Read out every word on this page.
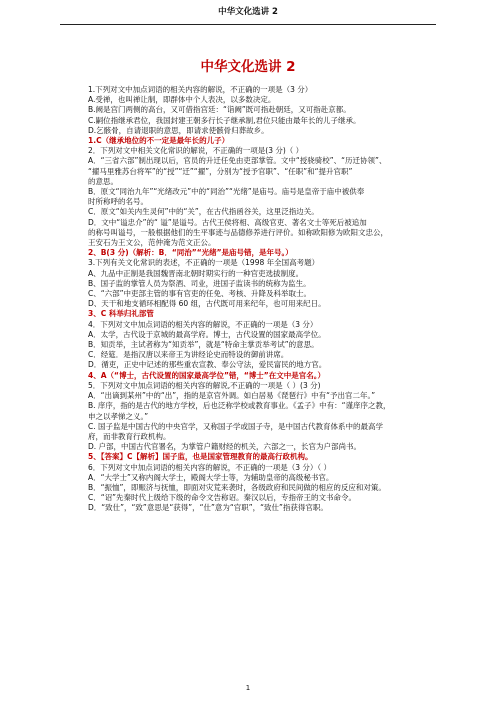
中华文化选讲 2
中华文化选讲 2

1.下列对文中加点词语的相关内容的解说，不正确的一项是（3 分）

A.受禅，也叫禅让制，即群体中个人表决，以多数决定。

B.阙是宫门两侧的高台，又可借指宫廷：“诣阙”既可指赴朝廷，又可指赴京都。

C.嗣位指继承君位，我国封建王朝多行长子继承制,君位只能由最年长的儿子继承。

D.乞骸骨，自请退职的意思，即请求使骸骨归葬故乡。

1.C（继承地位的不一定是最年长的儿子）

2．下列对文中相关文化常识的解说，不正确的一项是(3 分)（ ）

A．“三省六部”制出现以后，官员的升迁任免由吏部掌管。文中“授骁骑校”、“历迁协领”、

“擢马里雅苏台将军”的“授”“迁”“擢”，分别为“授予官职”、“任职”和“提升官职”

的意思。

B．原文“同治九年”“光绪改元”中的“同治”“光绪”是庙号。庙号是皇帝于庙中被供奉

时所称呼的名号。

C．原文“如关内生灵何”中的“关”，在古代指函谷关，这里泛指边关。

D．文中“谥忠介”的“ 谥”是谥号。古代王侯将相、高级官吏、著名文士等死后被追加

的称号叫谥号，一般根据他们的生平事迹与品德修养进行评价。如称欧阳修为欧阳文忠公，

王安石为王文公，范仲淹为范文正公。

2、B(3 分)（解析：B．“同治”“光绪”是庙号错，是年号。）

3.下列有关文化常识的表述，不正确的一项是（1998 年全国高考题）

A、九品中正制是我国魏晋南北朝时期实行的一种官吏选拔制度。

B、国子监的掌管人员为祭酒、司业，进国子监读书的统称为监生。

C、“六部”中吏部主管的事有官吏的任免、考核、升降及科举取士。

D、天干和地支循环相配得 60 组，古代既可用来纪年，也可用来纪日。

3、C 科举归礼部管

4．下列对文中加点词语的相关内容的解说，不正确的一项是（3 分）

A．太学，古代设于京城的最高学府。博士，古代设置的国家最高学位。

B．知贡举，主试者称为“知贡举”，就是“特命主掌贡举考试”的意思。

C．经筵．是指汉唐以来帝王为讲经论史而特设的御前讲席。

D．循吏，正史中记述的那些重农宣教、奉公守法，爱民富民的地方官。

4、A（“博士，古代设置的国家最高学位”错，“博士”在文中是官名。）

5．下列对文中加点词语的相关内容的解说,不正确的一项是（ ）(3 分)

A．“出谪到某州”中的“出”，指的是京官外调。如白居易《琵琶行》中有“予出官二年。”

B. 庠序，指的是古代的地方学校，后也泛称学校或教育事业。《孟子》中有：“谨庠序之教，

申之以孝悌之义。”

C. 国子监是中国古代的中央官学，又称国子学或国子寺，是中国古代教育体系中的最高学

府，而非教育行政机构。

D. 户部，中国古代官署名，为掌管户籍财经的机关，六部之一，长官为户部尚书。

5、【答案】C【解析】国子监，也是国家管理教育的最高行政机构。

6．下列对文中加点词语的相关内容的解说，不正确的一项是（3 分）（ ）

A．“大学士”又称内阁大学士，殿阁大学士等，为辅助皇帝的高级秘书官。

B．“振恤”，即赈济与抚恤，即面对灾荒来袭时，各级政府和民间做的相应的反应和对策。

C．“诏”先秦时代上级给下级的命令文告称诏。秦汉以后，专指帝王的文书命令。

D．“致仕”，“致”意思是“获得”，“仕”意为“官职”，“致仕”指获得官职。

1
